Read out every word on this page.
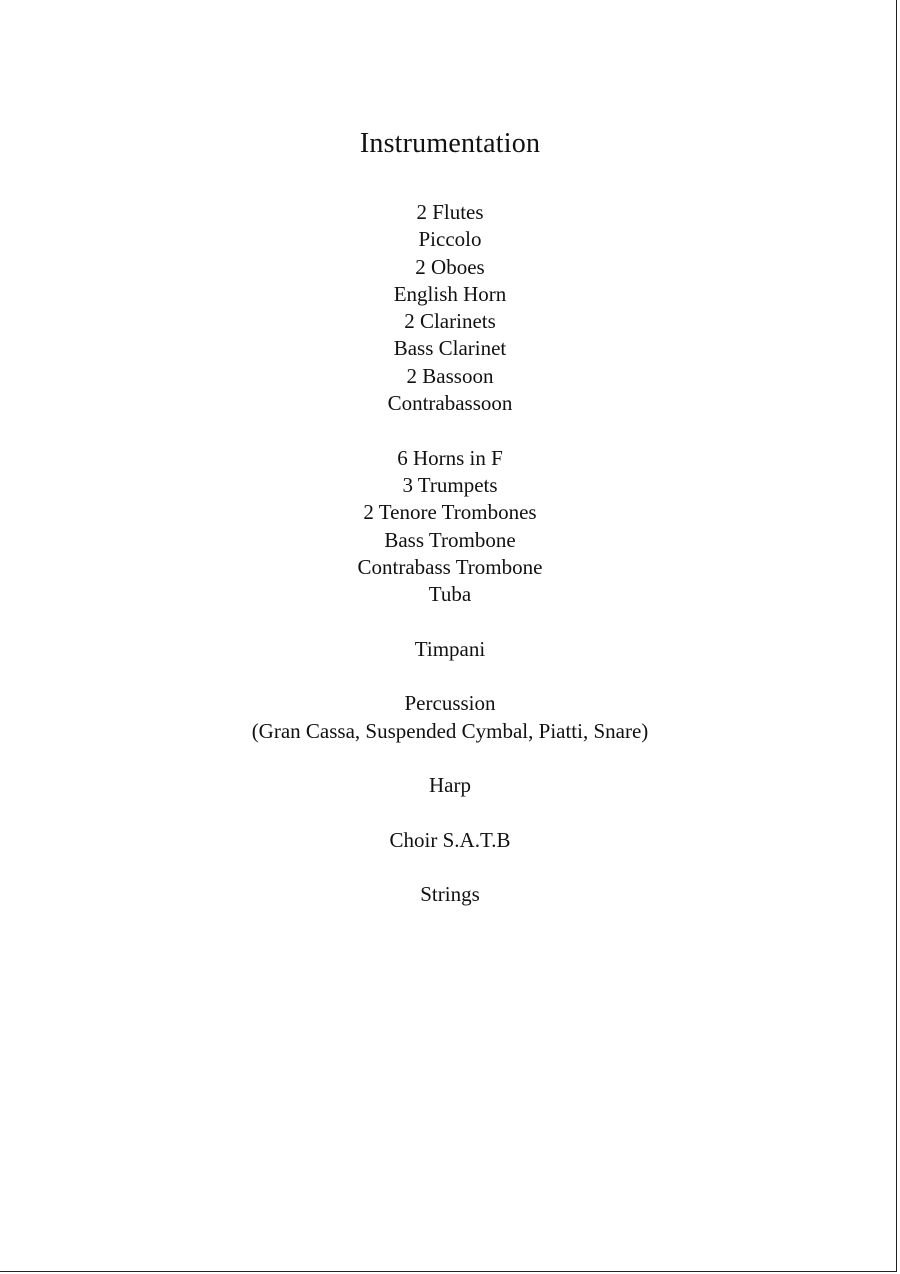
Instrumentation
2 Flutes
Piccolo
2 Oboes
English Horn
2 Clarinets
Bass Clarinet
2 Bassoon
Contrabassoon
6 Horns in F
3 Trumpets
2 Tenore Trombones
Bass Trombone
Contrabass Trombone
Tuba
Timpani
Percussion
(Gran Cassa, Suspended Cymbal, Piatti, Snare)
Harp
Choir S.A.T.B
Strings
